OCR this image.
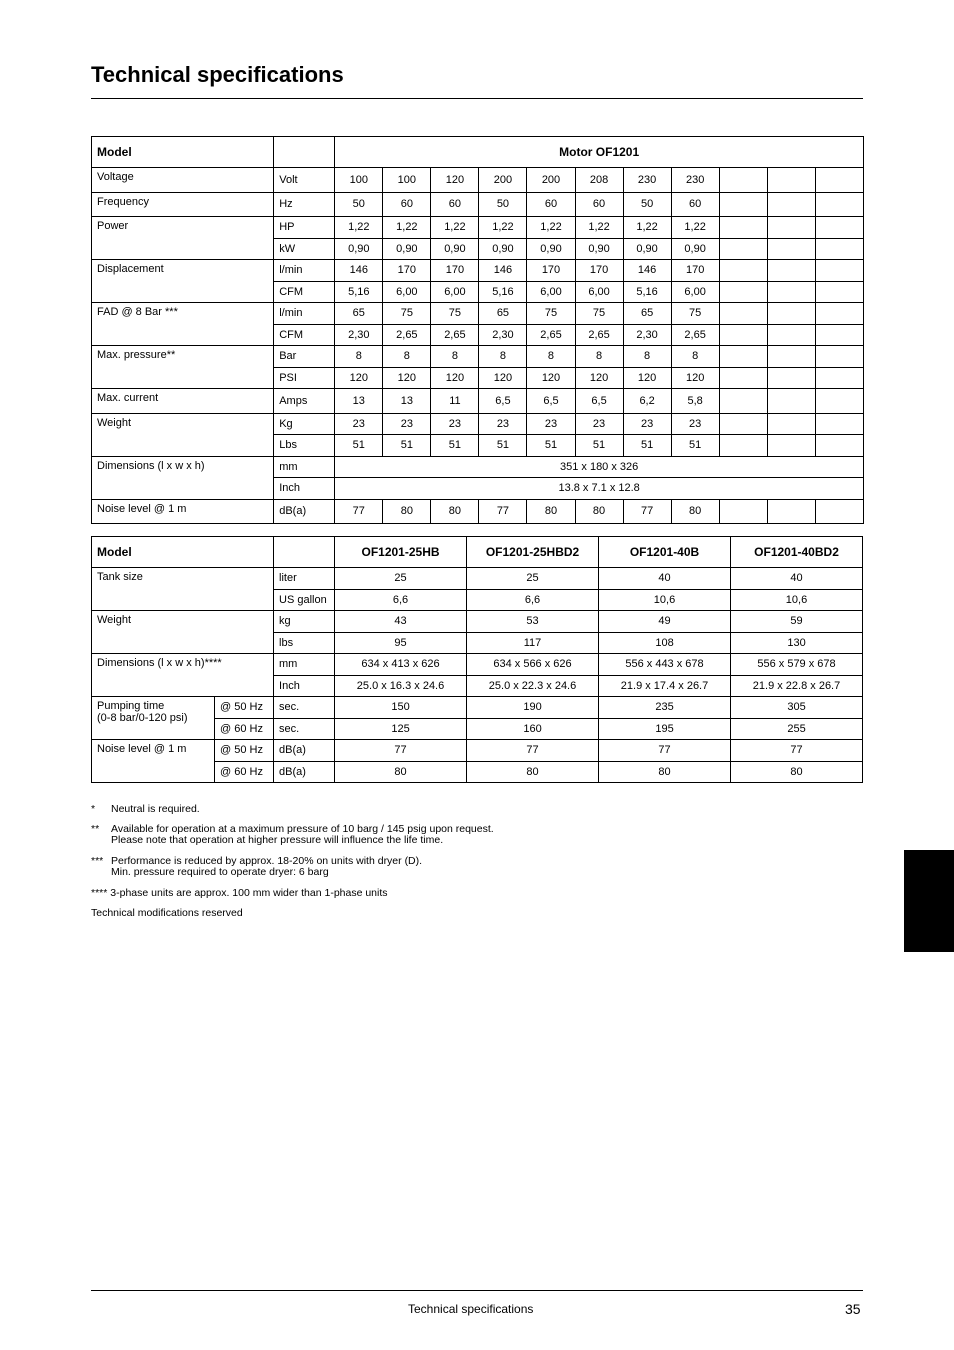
Technical specifications
Model		Motor OF1201										
Voltage	Volt	100	100	120	200	200	208	230	230			
Frequency	Hz	50	60	60	50	60	60	50	60			
Power	HP	1,22	1,22	1,22	1,22	1,22	1,22	1,22	1,22			
	kW	0,90	0,90	0,90	0,90	0,90	0,90	0,90	0,90			
Displacement	l/min	146	170	170	146	170	170	146	170			
	CFM	5,16	6,00	6,00	5,16	6,00	6,00	5,16	6,00			
FAD @ 8 Bar ***	l/min	65	75	75	65	75	75	65	75			
	CFM	2,30	2,65	2,65	2,30	2,65	2,65	2,30	2,65			
Max. pressure**	Bar	8	8	8	8	8	8	8	8			
	PSI	120	120	120	120	120	120	120	120			
Max. current	Amps	13	13	11	6,5	6,5	6,5	6,2	5,8			
Weight	Kg	23	23	23	23	23	23	23	23			
	Lbs	51	51	51	51	51	51	51	51			
Dimensions (l x w x h)	mm	351 x 180 x 326										
	Inch	13.8 x 7.1 x 12.8										
Noise level @ 1 m	dB(a)	77	80	80	77	80	80	77	80			
Model			OF1201-25HB	OF1201-25HBD2	OF1201-40B	OF1201-40BD2
Tank size		liter	25	25	40	40
		US gallon	6,6	6,6	10,6	10,6
Weight		kg	43	53	49	59
		lbs	95	117	108	130
Dimensions (l x w x h)****		mm	634 x 413 x 626	634 x 566 x 626	556 x 443 x 678	556 x 579 x 678
		Inch	25.0 x 16.3 x 24.6	25.0 x 22.3 x 24.6	21.9 x 17.4 x 26.7	21.9 x 22.8 x 26.7
Pumping time
(0-8 bar/0-120 psi)	@ 50 Hz	sec.	150	190	235	305
	@ 60 Hz	sec.	125	160	195	255
Noise level @ 1 m	@ 50 Hz	dB(a)	77	77	77	77
	@ 60 Hz	dB(a)	80	80	80	80
* Neutral is required.
** Available for operation at a maximum pressure of 10 barg / 145 psig upon request.
Please note that operation at higher pressure will influence the life time.
*** Performance is reduced by approx. 18-20% on units with dryer (D).
Min. pressure required to operate dryer: 6 barg
**** 3-phase units are approx. 100 mm wider than 1-phase units
Technical modifications reserved
Technical specifications	35
